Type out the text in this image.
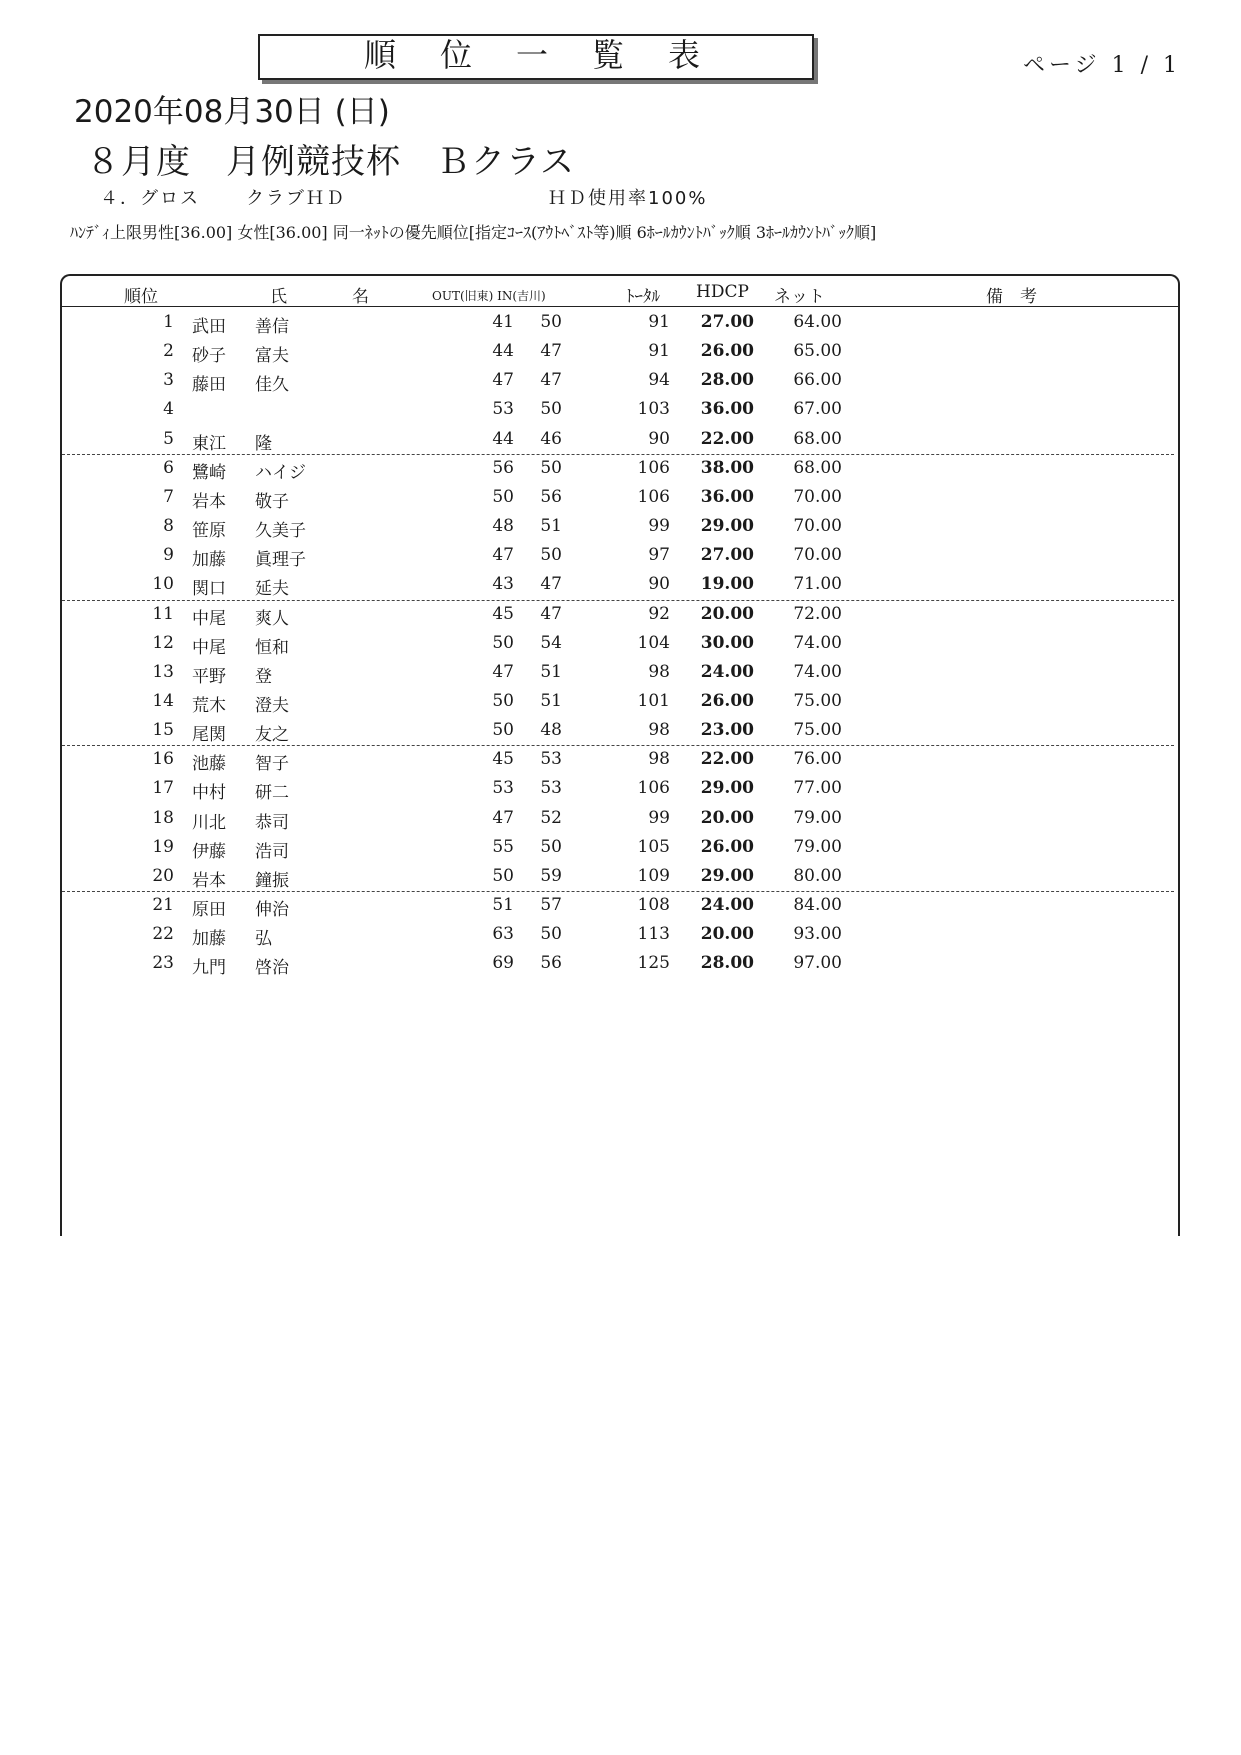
順位一覧表	ページ 1 / 1
2020年08月30日 (日)
８月度　月例競技杯　Ｂクラス
４．グロス	クラブＨＤ	ＨＤ使用率100%
ﾊﾝﾃﾞｨ上限男性[36.00] 女性[36.00] 同一ﾈｯﾄの優先順位[指定ｺｰｽ(ｱｳﾄﾍﾞｽﾄ等)順 6ﾎｰﾙｶｳﾝﾄﾊﾞｯｸ順 3ﾎｰﾙｶｳﾝﾄﾊﾞｯｸ順]
順位	氏	名	OUT(旧東) IN(吉川)	ﾄｰﾀﾙ HDCP ネット	備　考
1 武田 善信	41	50	91	27.00	64.00
2 砂子 富夫	44	47	91	26.00	65.00
3 藤田 佳久	47	47	94	28.00	66.00
4	53	50	103	36.00	67.00
5 東江 隆	44	46	90	22.00	68.00
6 鷺崎 ハイジ	56	50	106	38.00	68.00
7 岩本 敬子	50	56	106	36.00	70.00
8 笹原 久美子	48	51	99	29.00	70.00
9 加藤 眞理子	47	50	97	27.00	70.00
10 関口 延夫	43	47	90	19.00	71.00
11 中尾 爽人	45	47	92	20.00	72.00
12 中尾 恒和	50	54	104	30.00	74.00
13 平野 登	47	51	98	24.00	74.00
14 荒木 澄夫	50	51	101	26.00	75.00
15 尾関 友之	50	48	98	23.00	75.00
16 池藤 智子	45	53	98	22.00	76.00
17 中村 研二	53	53	106	29.00	77.00
18 川北 恭司	47	52	99	20.00	79.00
19 伊藤 浩司	55	50	105	26.00	79.00
20 岩本 鐘振	50	59	109	29.00	80.00
21 原田 伸治	51	57	108	24.00	84.00
22 加藤 弘	63	50	113	20.00	93.00
23 九門 啓治	69	56	125	28.00	97.00
